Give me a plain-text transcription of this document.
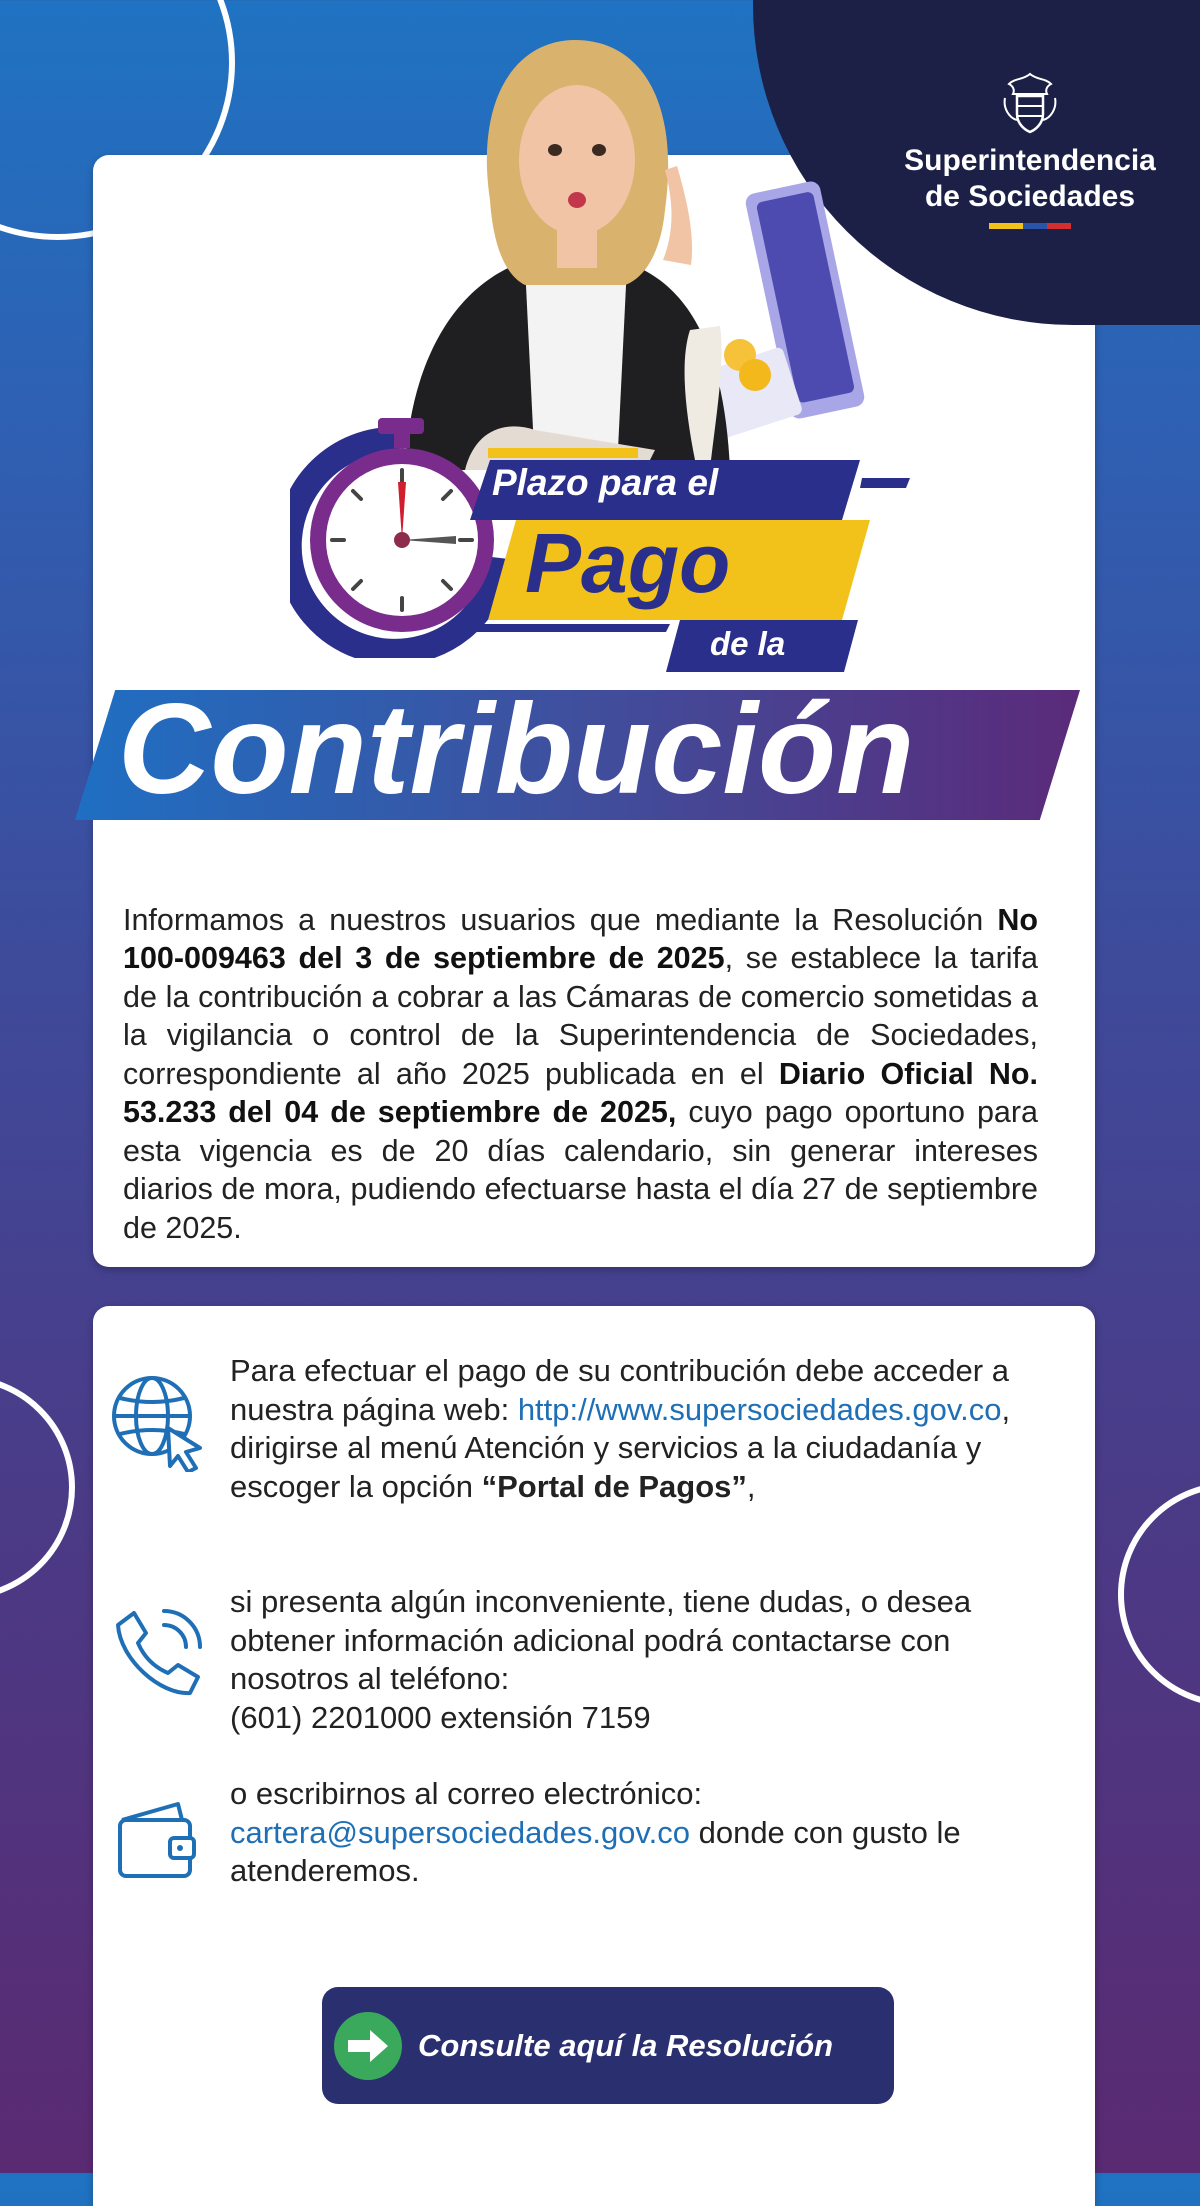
Superintendencia
de Sociedades
Plazo para el
Pago
de la
Contribución

Informamos a nuestros usuarios que mediante la Resolución No 100-009463 del 3 de septiembre de 2025, se establece la tarifa de la contribución a cobrar a las Cámaras de comercio sometidas a la vigilancia o control de la Superintendencia de Sociedades, correspondiente al año 2025 publicada en el Diario Oficial No. 53.233 del 04 de septiembre de 2025, cuyo pago oportuno para esta vigencia es de 20 días calendario, sin generar intereses diarios de mora, pudiendo efectuarse hasta el día 27 de septiembre de 2025.

Para efectuar el pago de su contribución debe acceder a nuestra página web: http://www.supersociedades.gov.co, dirigirse al menú Atención y servicios a la ciudadanía y escoger la opción “Portal de Pagos”,
si presenta algún inconveniente, tiene dudas, o desea obtener información adicional podrá contactarse con nosotros al teléfono:
(601) 2201000 extensión 7159
o escribirnos al correo electrónico:
cartera@supersociedades.gov.co donde con gusto le atenderemos.
Consulte aquí la Resolución
